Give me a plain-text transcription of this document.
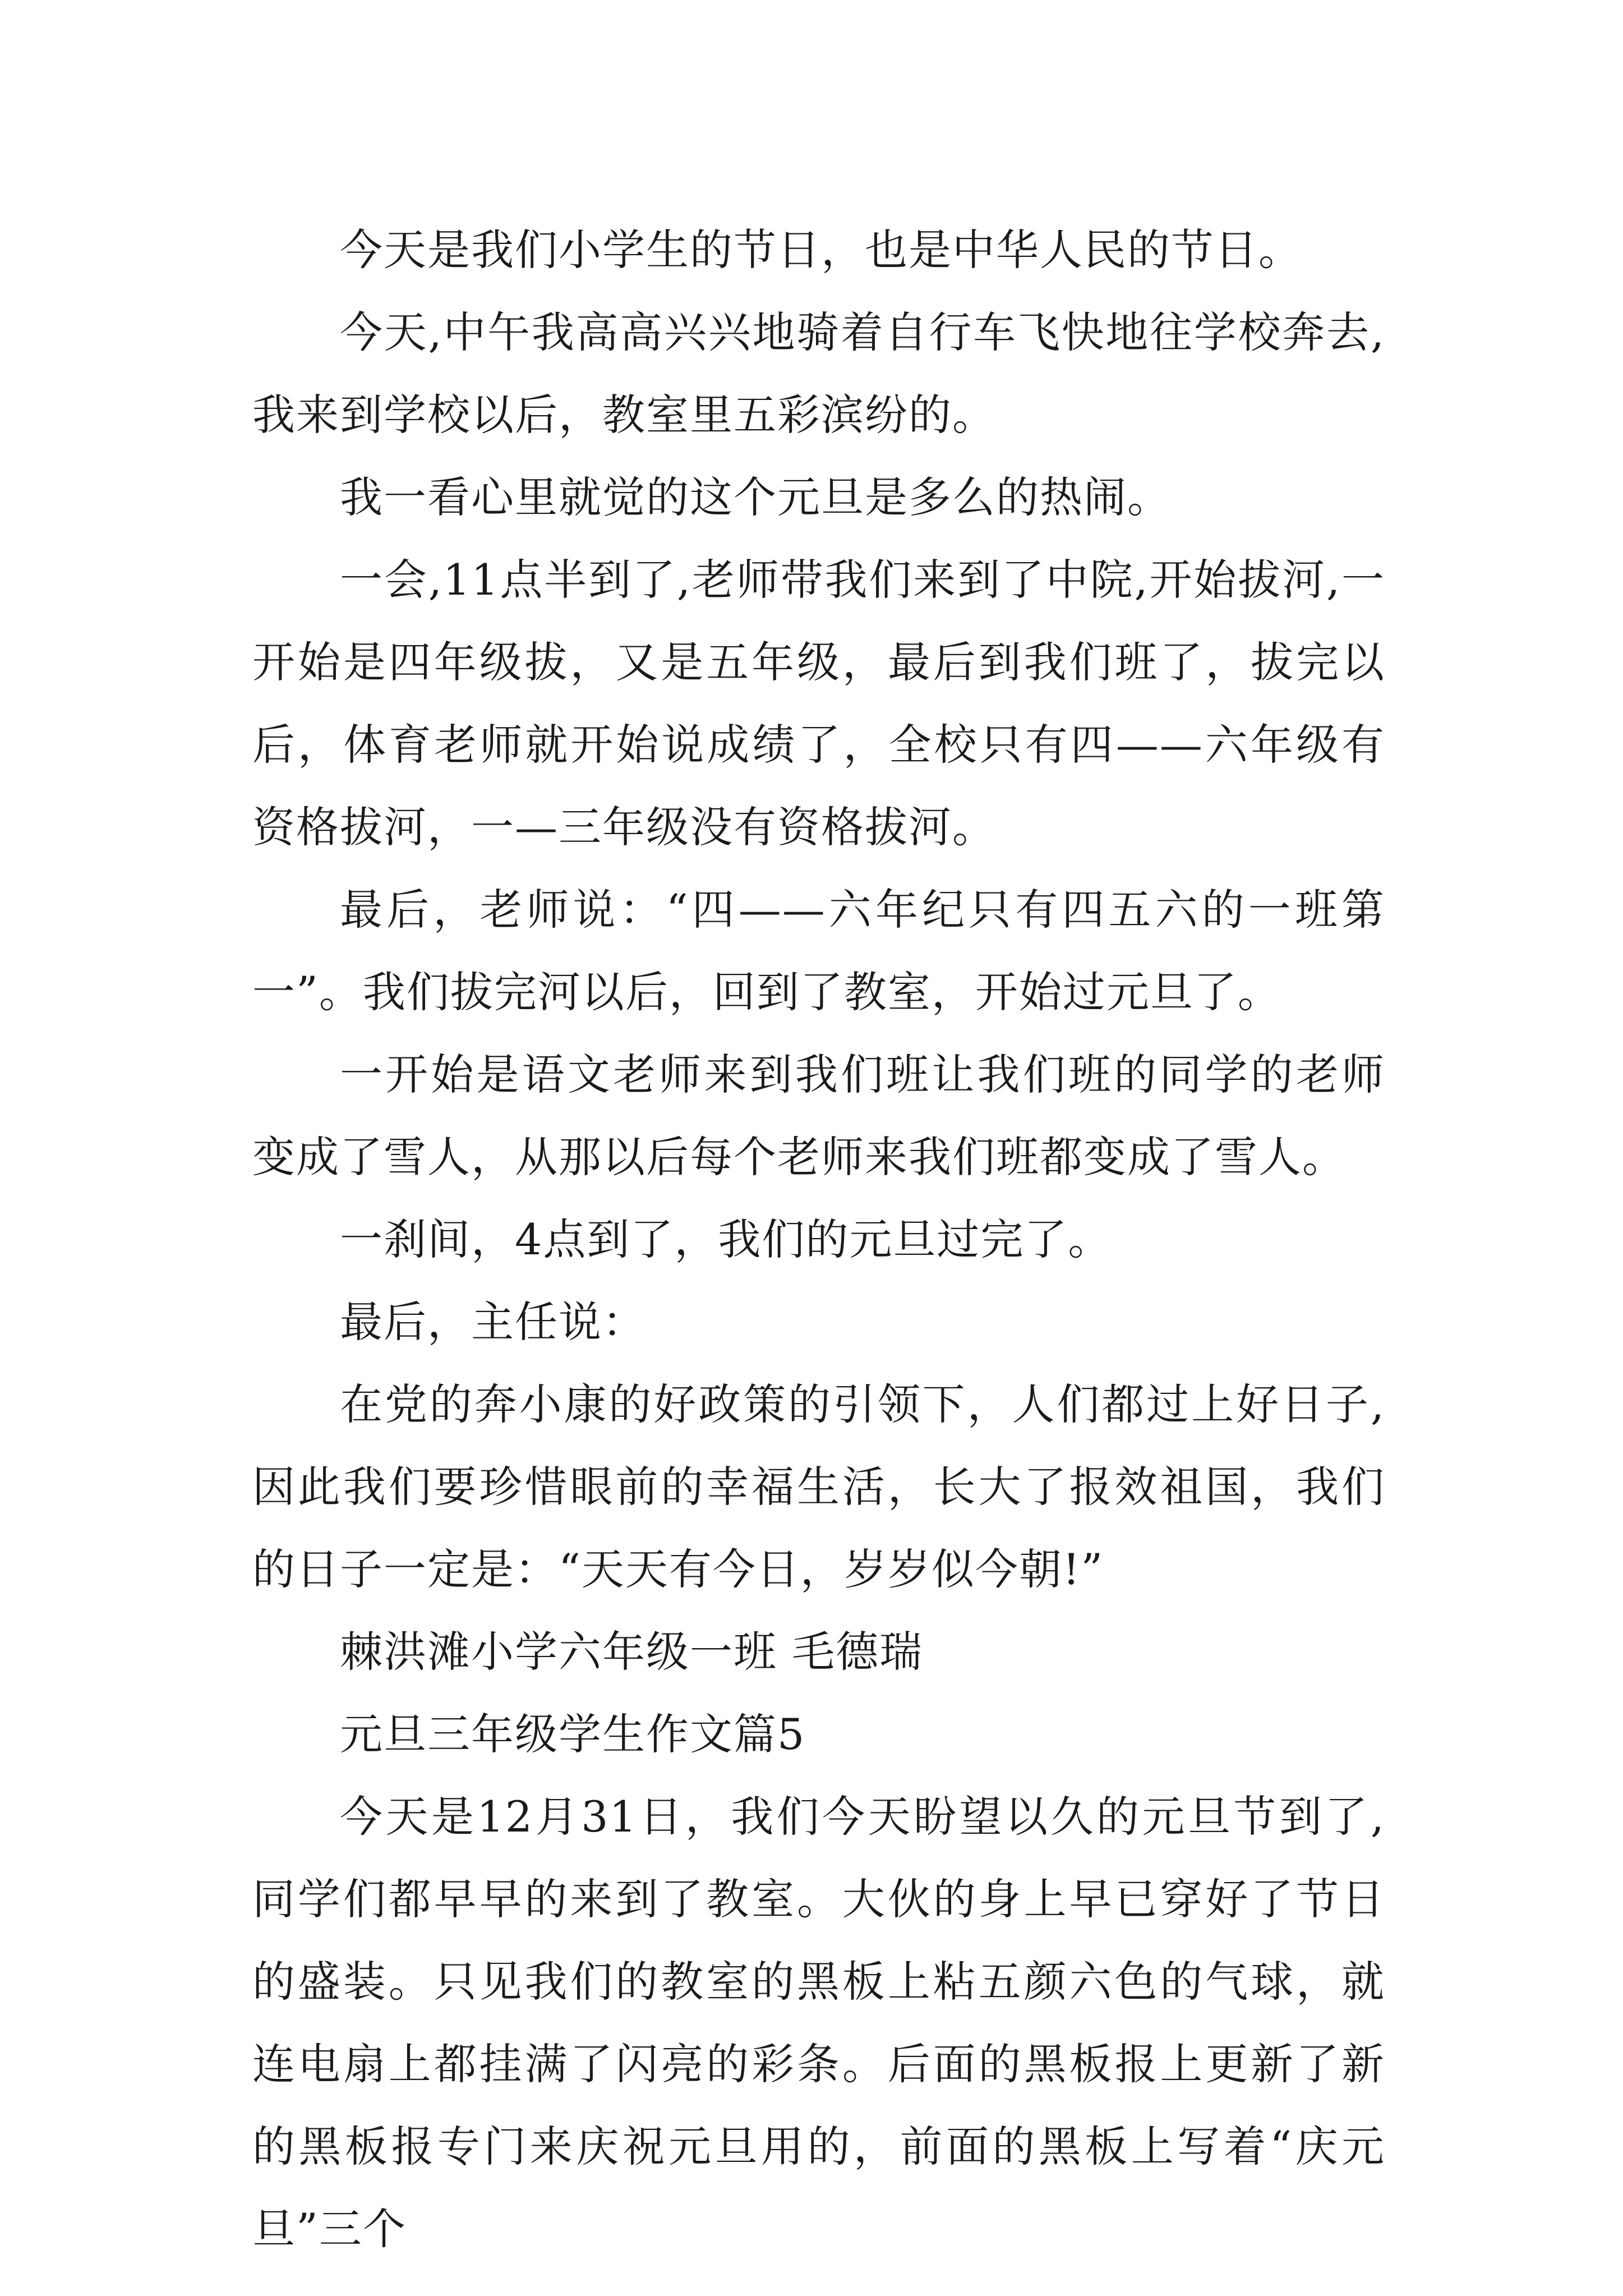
今天是我们小学生的节日，也是中华人民的节日。

今天,中午我高高兴兴地骑着自行车飞快地往学校奔去,我来到学校以后，教室里五彩滨纷的。

我一看心里就觉的这个元旦是多么的热闹。

一会,11点半到了,老师带我们来到了中院,开始拔河,一开始是四年级拔，又是五年级，最后到我们班了，拔完以后，体育老师就开始说成绩了，全校只有四——六年级有资格拔河，一—三年级没有资格拔河。

最后，老师说：“四——六年纪只有四五六的一班第一”。我们拔完河以后，回到了教室，开始过元旦了。

一开始是语文老师来到我们班让我们班的同学的老师变成了雪人，从那以后每个老师来我们班都变成了雪人。

一刹间，4点到了，我们的元旦过完了。

最后，主任说：

在党的奔小康的好政策的引领下，人们都过上好日子,因此我们要珍惜眼前的幸福生活，长大了报效祖国，我们的日子一定是：“天天有今日，岁岁似今朝!”

棘洪滩小学六年级一班 毛德瑞

元旦三年级学生作文篇5

今天是12月31日，我们今天盼望以久的元旦节到了,同学们都早早的来到了教室。大伙的身上早已穿好了节日的盛装。只见我们的教室的黑板上粘五颜六色的气球，就连电扇上都挂满了闪亮的彩条。后面的黑板报上更新了新的黑板报专门来庆祝元旦用的，前面的黑板上写着“庆元旦”三个
